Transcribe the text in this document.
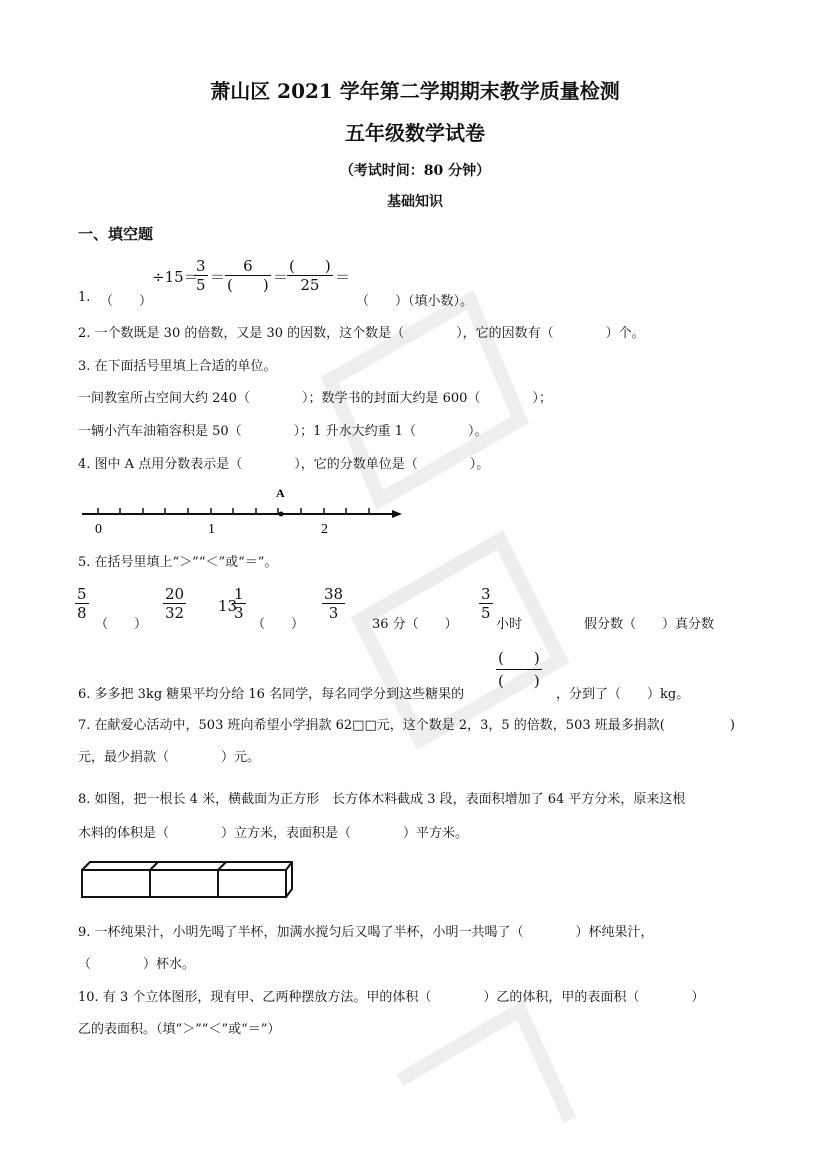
萧山区 2021 学年第二学期期末教学质量检测
五年级数学试卷
（考试时间：80 分钟）
基础知识
一、填空题
1. （　　）
÷15＝
$\frac{3}{5}$ ＝
6
(　　) ＝
(　　)
25	＝
（　　）（填小数）。
2. 一个数既是 30 的倍数，又是 30 的因数，这个数是（　　　　），它的因数有（　　　　）个。
3. 在下面括号里填上合适的单位。
一间教室所占空间大约 240（　　　　）；数学书的封面大约是 600（　　　　）；
一辆小汽车油箱容积是 50（　　　　）；1 升水大约重 1（　　　　）。
4. 图中 A 点用分数表示是（　　　　），它的分数单位是（　　　　）。
A
0	1	2
5. 在括号里填上“＞”“＜”或“＝”。
$\frac{5}{8}$
（　　）
$\frac{20}{32} 13$
$\frac{1}{3}$
（　　）
$\frac{38}{3}$
36 分（　　）
$\frac{3}{5}$
小时	假分数（　　）真分数
6. 多多把 3kg 糖果平均分给 16 名同学，每名同学分到这些糖果的
(　　)
(　　)
，分到了（　　）kg。
7. 在献爱心活动中，503 班向希望小学捐款 62□□元，这个数是 2，3，5 的倍数，503 班最多捐款(　　　　　)
元，最少捐款（　　　　）元。
8. 如图，把一根长 4 米，横截面为正方形　长方体木料截成 3 段，表面积增加了 64 平方分米，原来这根
木料的体积是（　　　　）立方米，表面积是（　　　　）平方米。
9. 一杯纯果汁，小明先喝了半杯，加满水搅匀后又喝了半杯，小明一共喝了（　　　　）杯纯果汁，
（　　　　）杯水。
10. 有 3 个立体图形，现有甲、乙两种摆放方法。甲的体积（　　　　）乙的体积，甲的表面积（　　　　）
乙的表面积。（填“＞”“＜”或“＝”）
